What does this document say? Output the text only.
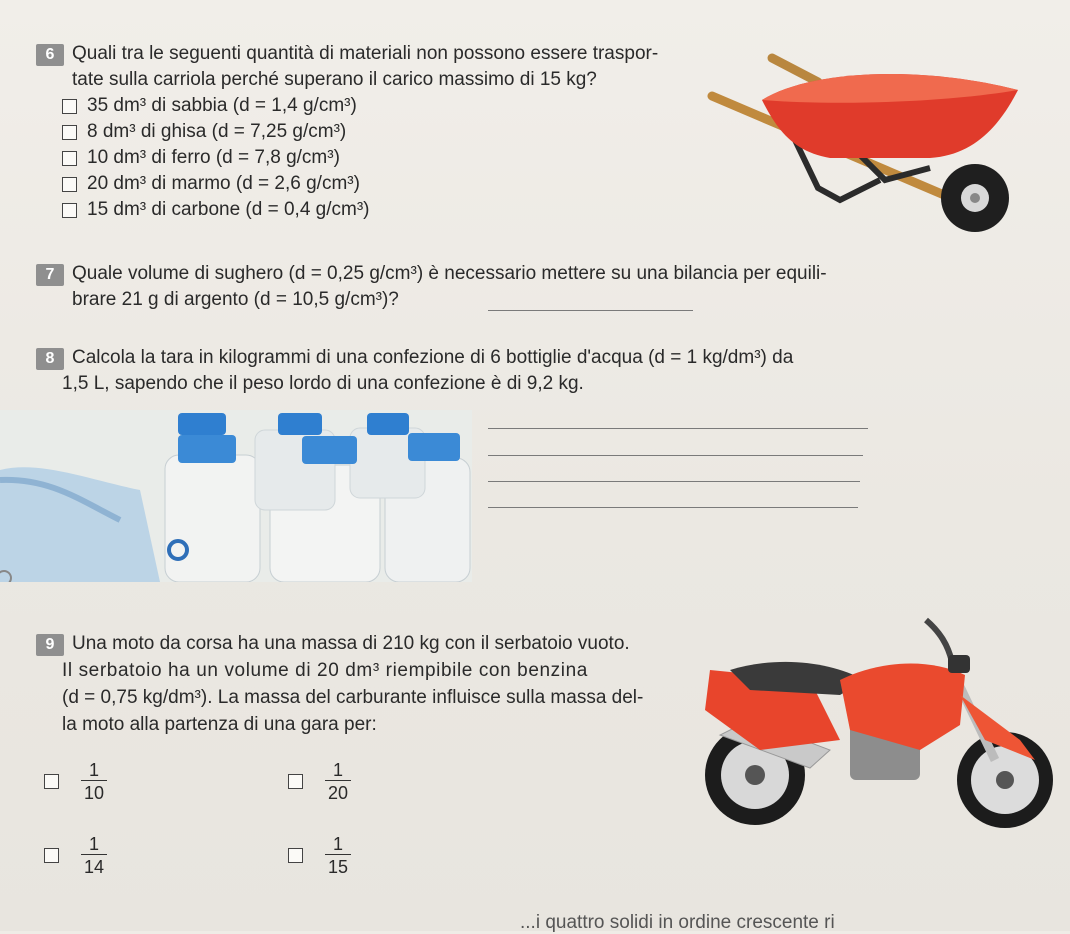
6 Quali tra le seguenti quantità di materiali non possono essere traspor-
tate sulla carriola perché superano il carico massimo di 15 kg?
35 dm³ di sabbia (d = 1,4 g/cm³)
8 dm³ di ghisa (d = 7,25 g/cm³)
10 dm³ di ferro (d = 7,8 g/cm³)
20 dm³ di marmo (d = 2,6 g/cm³)
15 dm³ di carbone (d = 0,4 g/cm³)
7 Quale volume di sughero (d = 0,25 g/cm³) è necessario mettere su una bilancia per equili-
brare 21 g di argento (d = 10,5 g/cm³)?
8 Calcola la tara in kilogrammi di una confezione di 6 bottiglie d'acqua (d = 1 kg/dm³) da
1,5 L, sapendo che il peso lordo di una confezione è di 9,2 kg.
9 Una moto da corsa ha una massa di 210 kg con il serbatoio vuoto.
Il serbatoio ha un volume di 20 dm³ riempibile con benzina
(d = 0,75 kg/dm³). La massa del carburante influisce sulla massa del-
la moto alla partenza di una gara per:
$\frac{1}{10}$	$\frac{1}{20}$
$\frac{1}{14}$	$\frac{1}{15}$
...i quattro solidi in ordine crescente ri
